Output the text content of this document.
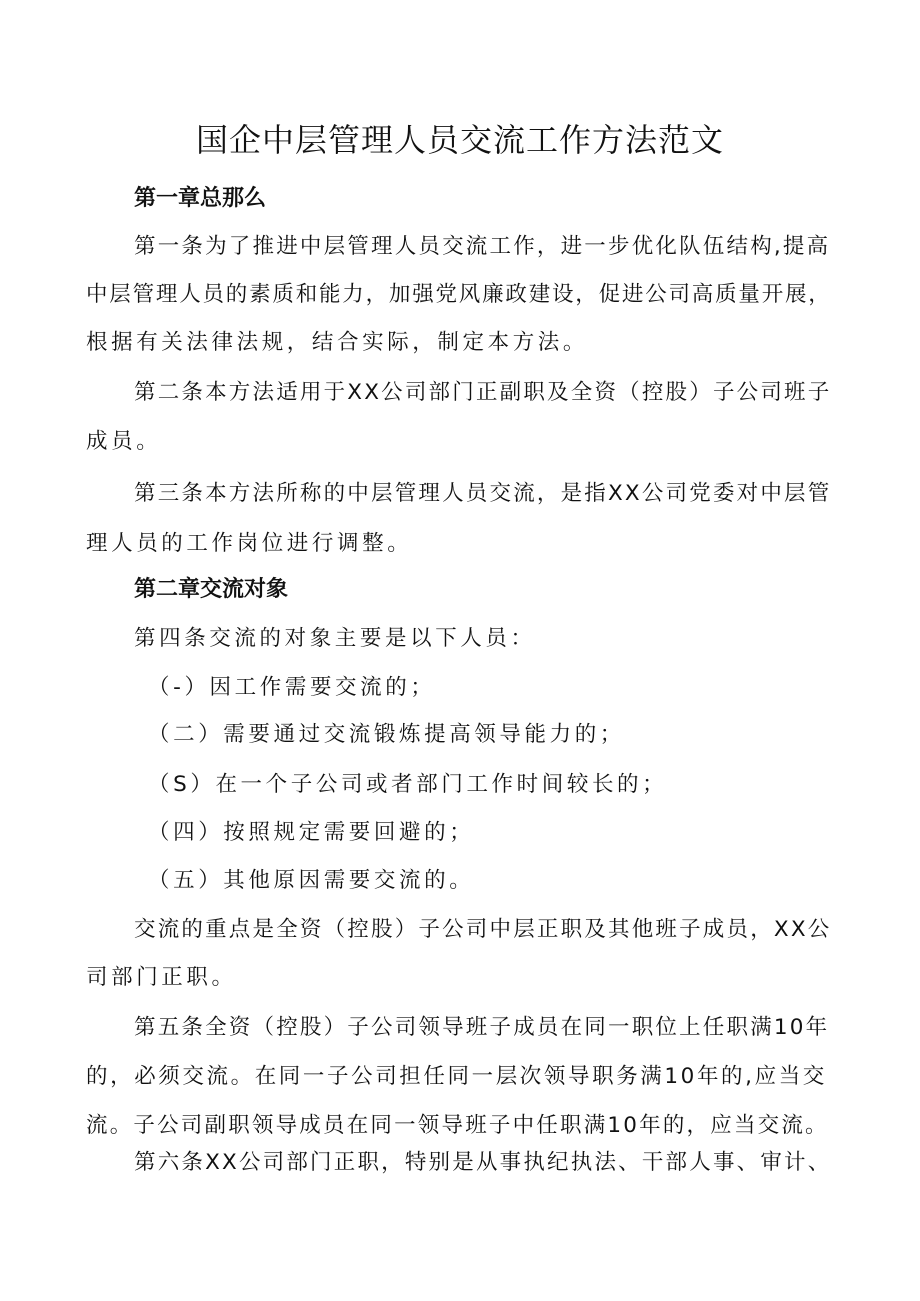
国企中层管理人员交流工作方法范文
第一章总那么
第一条为了推进中层管理人员交流工作，进一步优化队伍结构,提高
中层管理人员的素质和能力，加强党风廉政建设，促进公司高质量开展，
根据有关法律法规，结合实际，制定本方法。
第二条本方法适用于XX公司部门正副职及全资（控股）子公司班子
成员。
第三条本方法所称的中层管理人员交流，是指XX公司党委对中层管
理人员的工作岗位进行调整。
第二章交流对象
第四条交流的对象主要是以下人员：
（-）因工作需要交流的；
（二）需要通过交流锻炼提高领导能力的；
（S）在一个子公司或者部门工作时间较长的；
（四）按照规定需要回避的；
（五）其他原因需要交流的。
交流的重点是全资（控股）子公司中层正职及其他班子成员，XX公
司部门正职。
第五条全资（控股）子公司领导班子成员在同一职位上任职满10年
的，必须交流。在同一子公司担任同一层次领导职务满10年的,应当交
流。子公司副职领导成员在同一领导班子中任职满10年的，应当交流。
第六条XX公司部门正职，特别是从事执纪执法、干部人事、审计、
